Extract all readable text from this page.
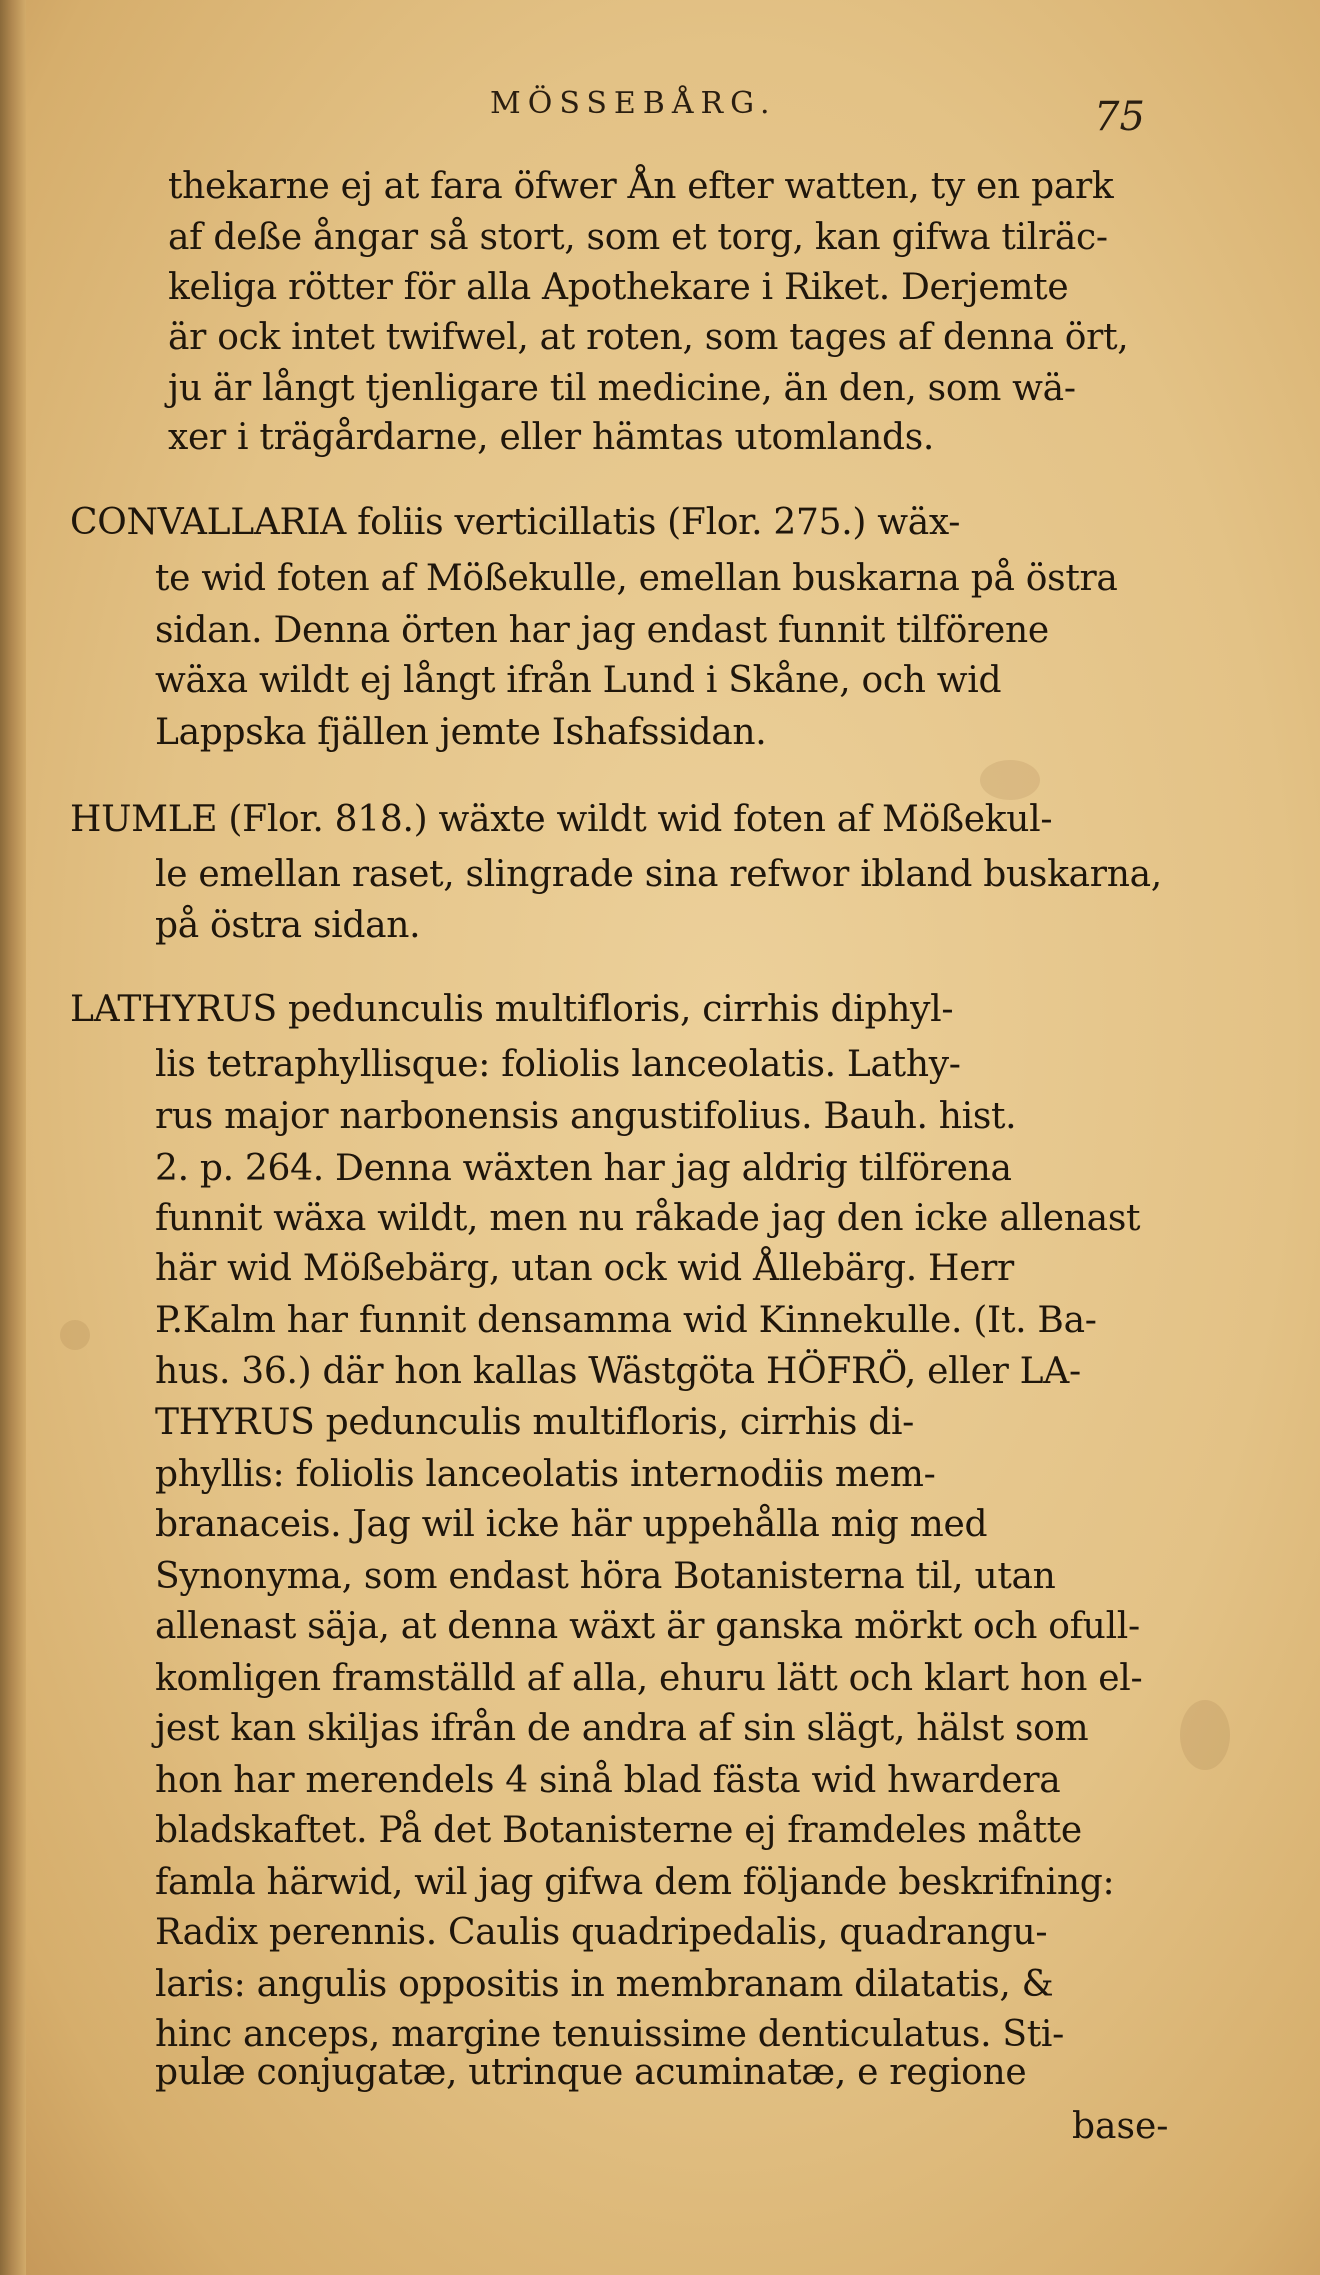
MÖSSEBÅRG.	75
thekarne ej at fara öfwer Ån efter watten, ty en park
af deße ångar så stort, som et torg, kan gifwa tilräc-
keliga rötter för alla Apothekare i Riket. Derjemte
är ock intet twifwel, at roten, som tages af denna ört,
ju är långt tjenligare til medicine, än den, som wä-
xer i trägårdarne, eller hämtas utomlands.
CONVALLARIA foliis verticillatis (Flor. 275.) wäx-
te wid foten af Mößekulle, emellan buskarna på östra
sidan. Denna örten har jag endast funnit tilförene
wäxa wildt ej långt ifrån Lund i Skåne, och wid
Lappska fjällen jemte Ishafssidan.
HUMLE (Flor. 818.) wäxte wildt wid foten af Mößekul-
le emellan raset, slingrade sina refwor ibland buskarna,
på östra sidan.
LATHYRUS pedunculis multifloris, cirrhis diphyl-
lis tetraphyllisque: foliolis lanceolatis. Lathy-
rus major narbonensis angustifolius. Bauh. hist.
2. p. 264. Denna wäxten har jag aldrig tilförena
funnit wäxa wildt, men nu råkade jag den icke allenast
här wid Mößebärg, utan ock wid Ållebärg. Herr
P.Kalm har funnit densamma wid Kinnekulle. (It. Ba-
hus. 36.) där hon kallas Wästgöta HÖFRÖ, eller LA-
THYRUS pedunculis multifloris, cirrhis di-
phyllis: foliolis lanceolatis internodiis mem-
branaceis. Jag wil icke här uppehålla mig med
Synonyma, som endast höra Botanisterna til, utan
allenast säja, at denna wäxt är ganska mörkt och ofull-
komligen framställd af alla, ehuru lätt och klart hon el-
jest kan skiljas ifrån de andra af sin slägt, hälst som
hon har merendels 4 sinå blad fästa wid hwardera
bladskaftet. På det Botanisterne ej framdeles måtte
famla härwid, wil jag gifwa dem följande beskrifning:
Radix perennis. Caulis quadripedalis, quadrangu-
laris: angulis oppositis in membranam dilatatis, &
hinc anceps, margine tenuissime denticulatus. Sti-
pulæ conjugatæ, utrinque acuminatæ, e regione
base-
